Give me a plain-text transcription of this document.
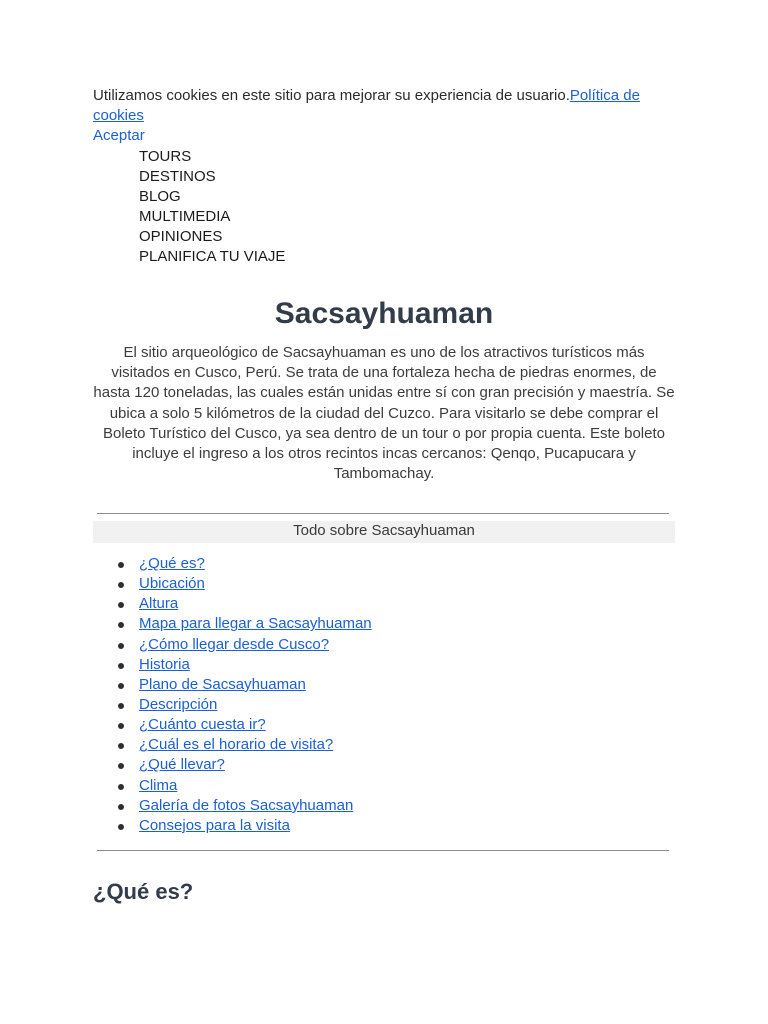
Utilizamos cookies en este sitio para mejorar su experiencia de usuario.Política de cookies
Aceptar
TOURS
DESTINOS
BLOG
MULTIMEDIA
OPINIONES
PLANIFICA TU VIAJE
Sacsayhuaman

El sitio arqueológico de Sacsayhuaman es uno de los atractivos turísticos más visitados en Cusco, Perú. Se trata de una fortaleza hecha de piedras enormes, de hasta 120 toneladas, las cuales están unidas entre sí con gran precisión y maestría. Se ubica a solo 5 kilómetros de la ciudad del Cuzco. Para visitarlo se debe comprar el Boleto Turístico del Cusco, ya sea dentro de un tour o por propia cuenta. Este boleto incluye el ingreso a los otros recintos incas cercanos: Qenqo, Pucapucara y Tambomachay.

Todo sobre Sacsayhuaman
¿Qué es?
Ubicación
Altura
Mapa para llegar a Sacsayhuaman
¿Cómo llegar desde Cusco?
Historia
Plano de Sacsayhuaman
Descripción
¿Cuánto cuesta ir?
¿Cuál es el horario de visita?
¿Qué llevar?
Clima
Galería de fotos Sacsayhuaman
Consejos para la visita
¿Qué es?
